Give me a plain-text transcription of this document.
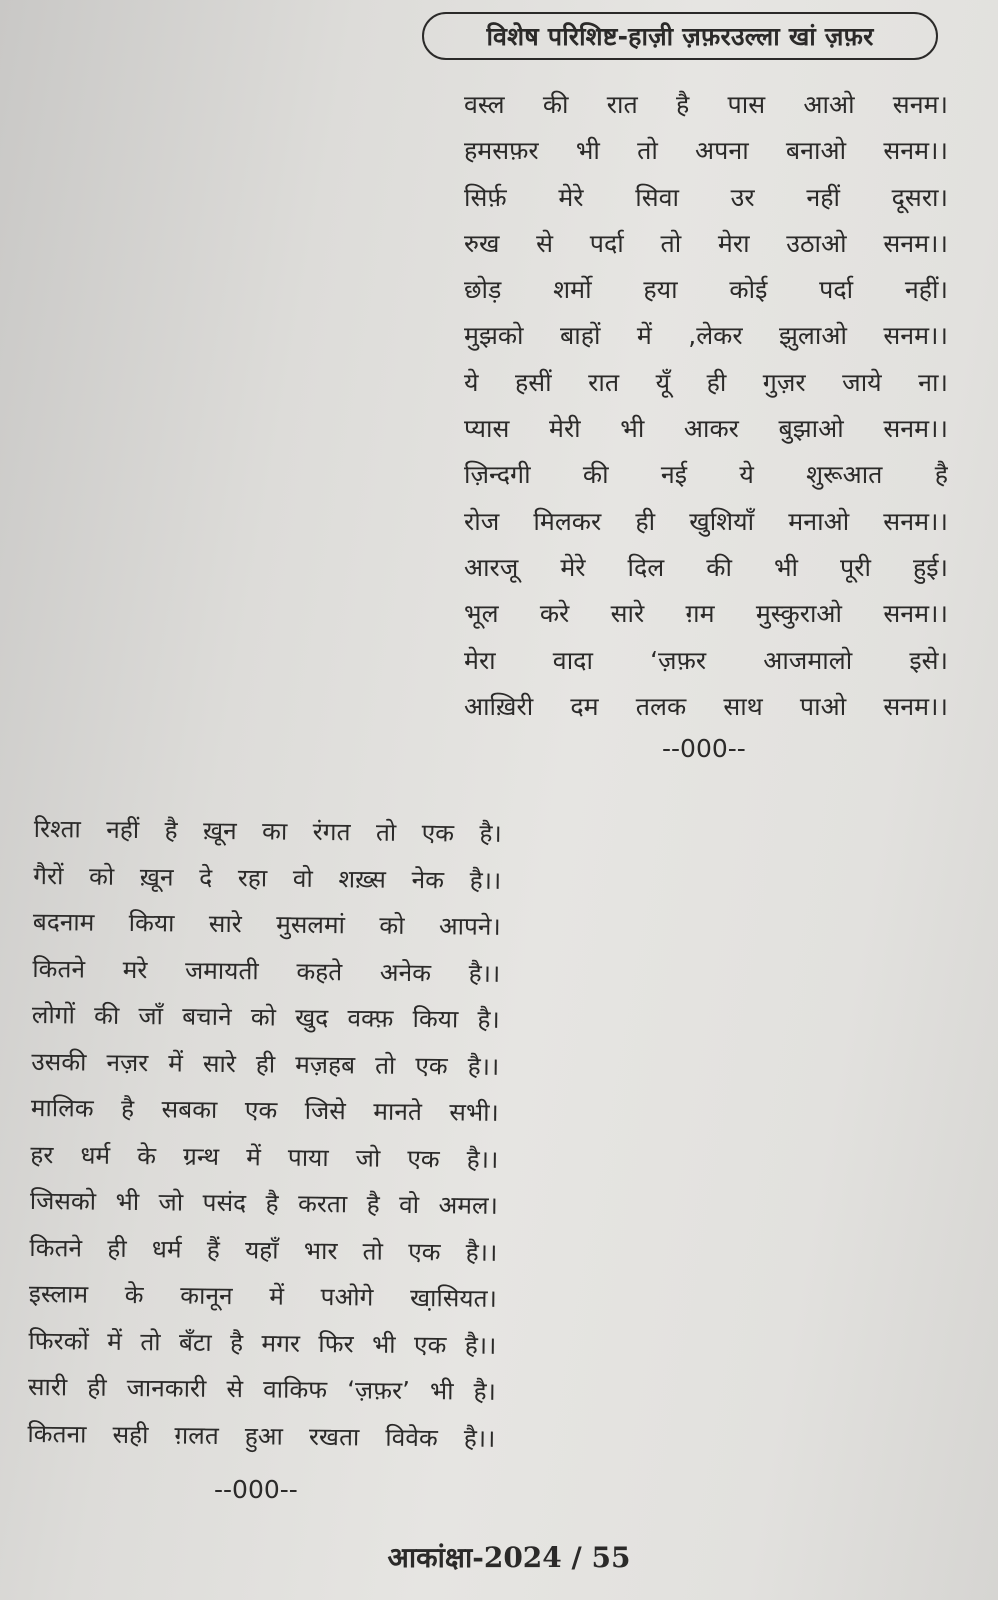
विशेष परिशिष्ट-हाज़ी ज़फ़रउल्ला खां ज़फ़र
वस्ल की रात है पास आओ सनम।
हमसफ़र भी तो अपना बनाओ सनम।।
सिर्फ़ मेरे सिवा उर नहीं दूसरा।
रुख से पर्दा तो मेरा उठाओ सनम।।
छोड़ शर्मो हया कोई पर्दा नहीं।
मुझको बाहों में ,लेकर झुलाओ सनम।।
ये हसीं रात यूँ ही गुज़र जाये ना।
प्यास मेरी भी आकर बुझाओ सनम।।
ज़िन्दगी की नई ये शुरूआत है
रोज मिलकर ही खुशियाँ मनाओ सनम।।
आरजू मेरे दिल की भी पूरी हुई।
भूल करे सारे ग़म मुस्कुराओ सनम।।
मेरा वादा ‘ज़फ़र आजमालो इसे।
आख़िरी दम तलक साथ पाओ सनम।।
--000--
रिश्ता नहीं है ख़ून का रंगत तो एक है।
गैरों को ख़ून दे रहा वो शख़्स नेक है।।
बदनाम किया सारे मुसलमां को आपने।
कितने मरे जमायती कहते अनेक है।।
लोगों की जाँ बचाने को खुद वक्फ़ किया है।
उसकी नज़र में सारे ही मज़हब तो एक है।।
मालिक है सबका एक जिसे मानते सभी।
हर धर्म के ग्रन्थ में पाया जो एक है।।
जिसको भी जो पसंद है करता है वो अमल।
कितने ही धर्म हैं यहाँ भार तो एक है।।
इस्लाम के कानून में पओगे खा़सियत।
फिरकों में तो बँटा है मगर फिर भी एक है।।
सारी ही जानकारी से वाकिफ ‘ज़फ़र’ भी है।
कितना सही ग़लत हुआ रखता विवेक है।।
--000--
आकांक्षा-2024 / 55
